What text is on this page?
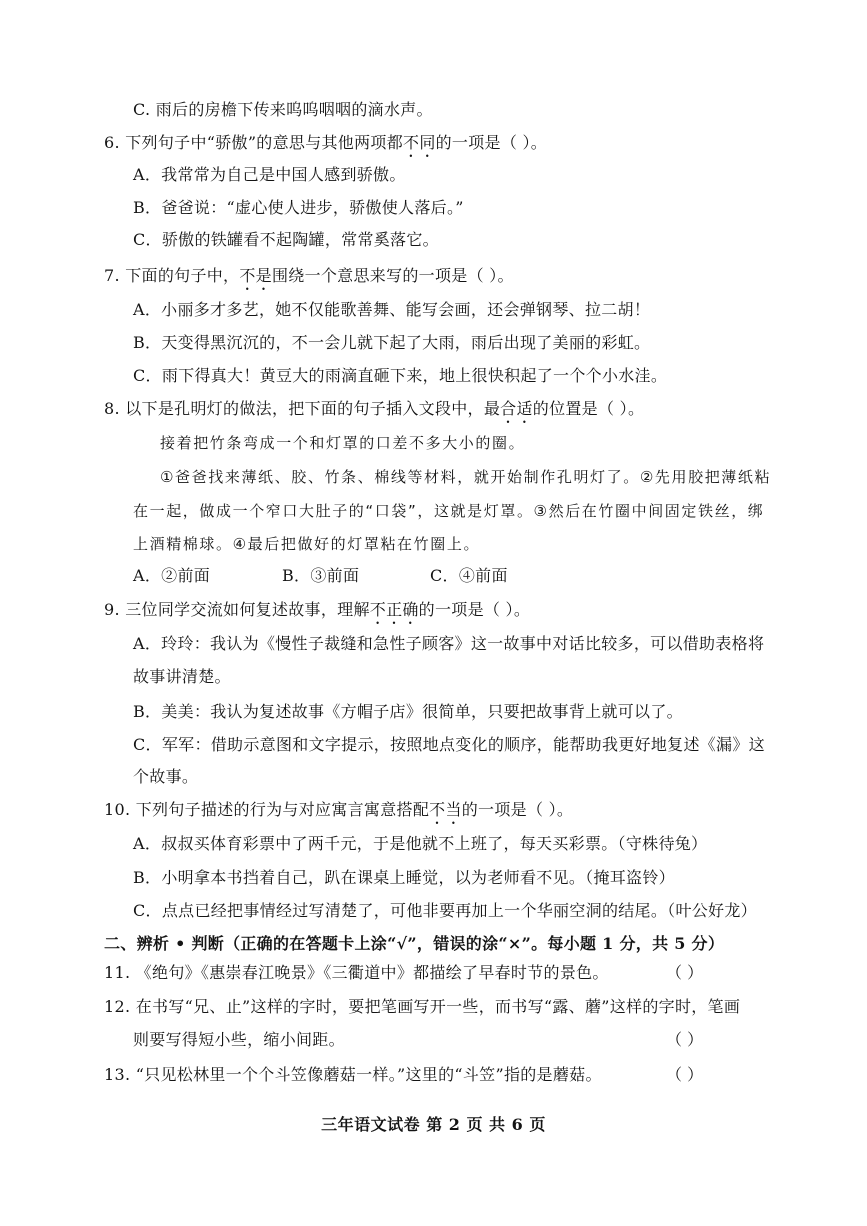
C. 雨后的房檐下传来呜呜咽咽的滴水声。
6. 下列句子中“骄傲”的意思与其他两项都不同的一项是（ ）。
A．我常常为自己是中国人感到骄傲。
B．爸爸说：“虚心使人进步，骄傲使人落后。”
C．骄傲的铁罐看不起陶罐，常常奚落它。
7. 下面的句子中，不是围绕一个意思来写的一项是（ ）。
A．小丽多才多艺，她不仅能歌善舞、能写会画，还会弹钢琴、拉二胡！
B．天变得黑沉沉的，不一会儿就下起了大雨，雨后出现了美丽的彩虹。
C．雨下得真大！黄豆大的雨滴直砸下来，地上很快积起了一个个小水洼。
8. 以下是孔明灯的做法，把下面的句子插入文段中，最合适的位置是（ ）。
接着把竹条弯成一个和灯罩的口差不多大小的圈。
①爸爸找来薄纸、胶、竹条、棉线等材料，就开始制作孔明灯了。②先用胶把薄纸粘
在一起，做成一个窄口大肚子的“口袋”，这就是灯罩。③然后在竹圈中间固定铁丝，绑
上酒精棉球。④最后把做好的灯罩粘在竹圈上。
A．②前面	B．③前面	C．④前面
9. 三位同学交流如何复述故事，理解不正确的一项是（ ）。
A．玲玲：我认为《慢性子裁缝和急性子顾客》这一故事中对话比较多，可以借助表格将
故事讲清楚。
B．美美：我认为复述故事《方帽子店》很简单，只要把故事背上就可以了。
C．军军：借助示意图和文字提示，按照地点变化的顺序，能帮助我更好地复述《漏》这
个故事。
10. 下列句子描述的行为与对应寓言寓意搭配不当的一项是（ ）。
A．叔叔买体育彩票中了两千元，于是他就不上班了，每天买彩票。（守株待兔）
B．小明拿本书挡着自己，趴在课桌上睡觉，以为老师看不见。（掩耳盗铃）
C．点点已经把事情经过写清楚了，可他非要再加上一个华丽空洞的结尾。（叶公好龙）
二、辨析 • 判断（正确的在答题卡上涂“√”，错误的涂“×”。每小题 1 分，共 5 分）
11. 《绝句》《惠崇春江晚景》《三衢道中》都描绘了早春时节的景色。	（ ）
12. 在书写“兄、止”这样的字时，要把笔画写开一些，而书写“露、蘑”这样的字时，笔画
则要写得短小些，缩小间距。	（ ）
13. “只见松林里一个个斗笠像蘑菇一样。”这里的“斗笠”指的是蘑菇。	（ ）
三年语文试卷 第 2 页 共 6 页
